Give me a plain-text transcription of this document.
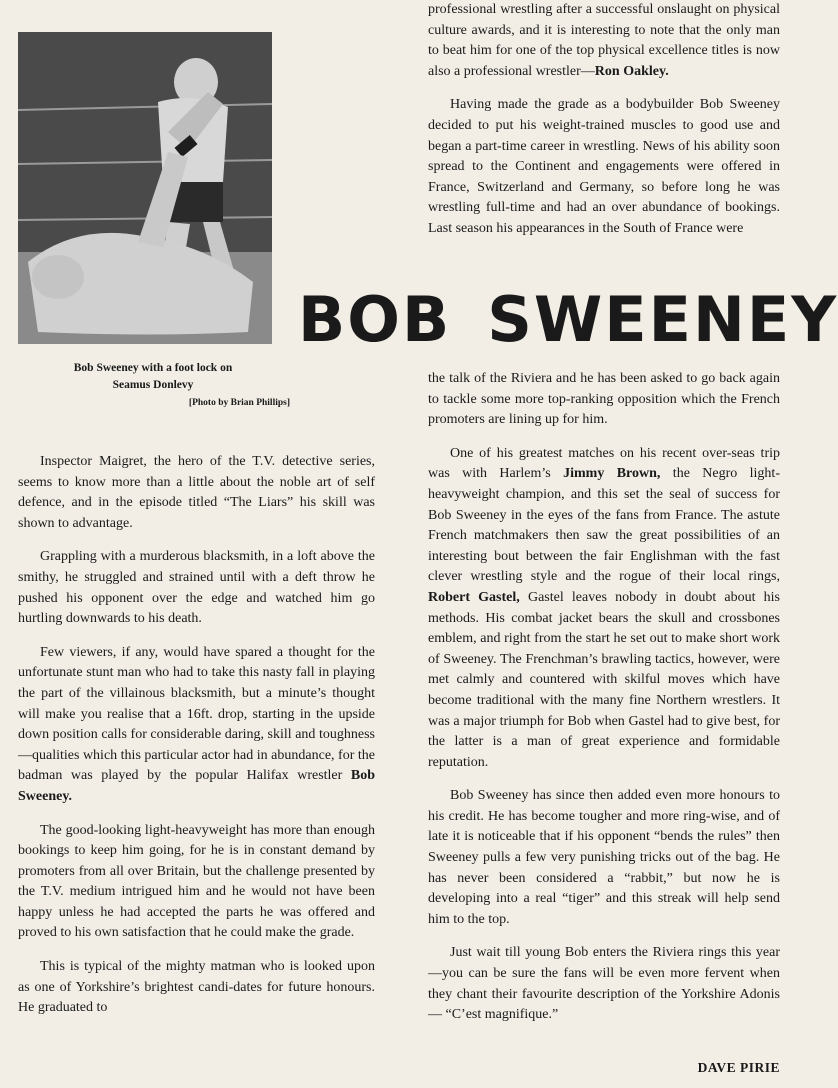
Bob Sweeney with a foot lock on
Seamus Donlevy
[Photo by Brian Phillips]
BOB SWEENEY

professional wrestling after a successful onslaught on physical culture awards, and it is interesting to note that the only man to beat him for one of the top physical excellence titles is now also a professional wrestler—Ron Oakley.

Having made the grade as a bodybuilder Bob Sweeney decided to put his weight-trained muscles to good use and began a part-time career in wrestling. News of his ability soon spread to the Continent and engagements were offered in France, Switzerland and Germany, so before long he was wrestling full-time and had an over abundance of bookings. Last season his appearances in the South of France were

Inspector Maigret, the hero of the T.V. detective series, seems to know more than a little about the noble art of self defence, and in the episode titled “The Liars” his skill was shown to advantage.

Grappling with a murderous blacksmith, in a loft above the smithy, he struggled and strained until with a deft throw he pushed his opponent over the edge and watched him go hurtling downwards to his death.

Few viewers, if any, would have spared a thought for the unfortunate stunt man who had to take this nasty fall in playing the part of the villainous blacksmith, but a minute’s thought will make you realise that a 16ft. drop, starting in the upside down position calls for considerable daring, skill and toughness—qualities which this particular actor had in abundance, for the badman was played by the popular Halifax wrestler Bob Sweeney.

The good-looking light-heavyweight has more than enough bookings to keep him going, for he is in constant demand by promoters from all over Britain, but the challenge presented by the T.V. medium intrigued him and he would not have been happy unless he had accepted the parts he was offered and proved to his own satisfaction that he could make the grade.

This is typical of the mighty matman who is looked upon as one of Yorkshire’s brightest candi-dates for future honours. He graduated to

the talk of the Riviera and he has been asked to go back again to tackle some more top-ranking opposition which the French promoters are lining up for him.

One of his greatest matches on his recent over-seas trip was with Harlem’s Jimmy Brown, the Negro light-heavyweight champion, and this set the seal of success for Bob Sweeney in the eyes of the fans from France. The astute French matchmakers then saw the great possibilities of an interesting bout between the fair Englishman with the fast clever wrestling style and the rogue of their local rings, Robert Gastel, Gastel leaves nobody in doubt about his methods. His combat jacket bears the skull and crossbones emblem, and right from the start he set out to make short work of Sweeney. The Frenchman’s brawling tactics, however, were met calmly and countered with skilful moves which have become traditional with the many fine Northern wrestlers. It was a major triumph for Bob when Gastel had to give best, for the latter is a man of great experience and formidable reputation.

Bob Sweeney has since then added even more honours to his credit. He has become tougher and more ring-wise, and of late it is noticeable that if his opponent “bends the rules” then Sweeney pulls a few very punishing tricks out of the bag. He has never been considered a “rabbit,” but now he is developing into a real “tiger” and this streak will help send him to the top.

Just wait till young Bob enters the Riviera rings this year—you can be sure the fans will be even more fervent when they chant their favourite description of the Yorkshire Adonis — “C’est magnifique.”

DAVE PIRIE
